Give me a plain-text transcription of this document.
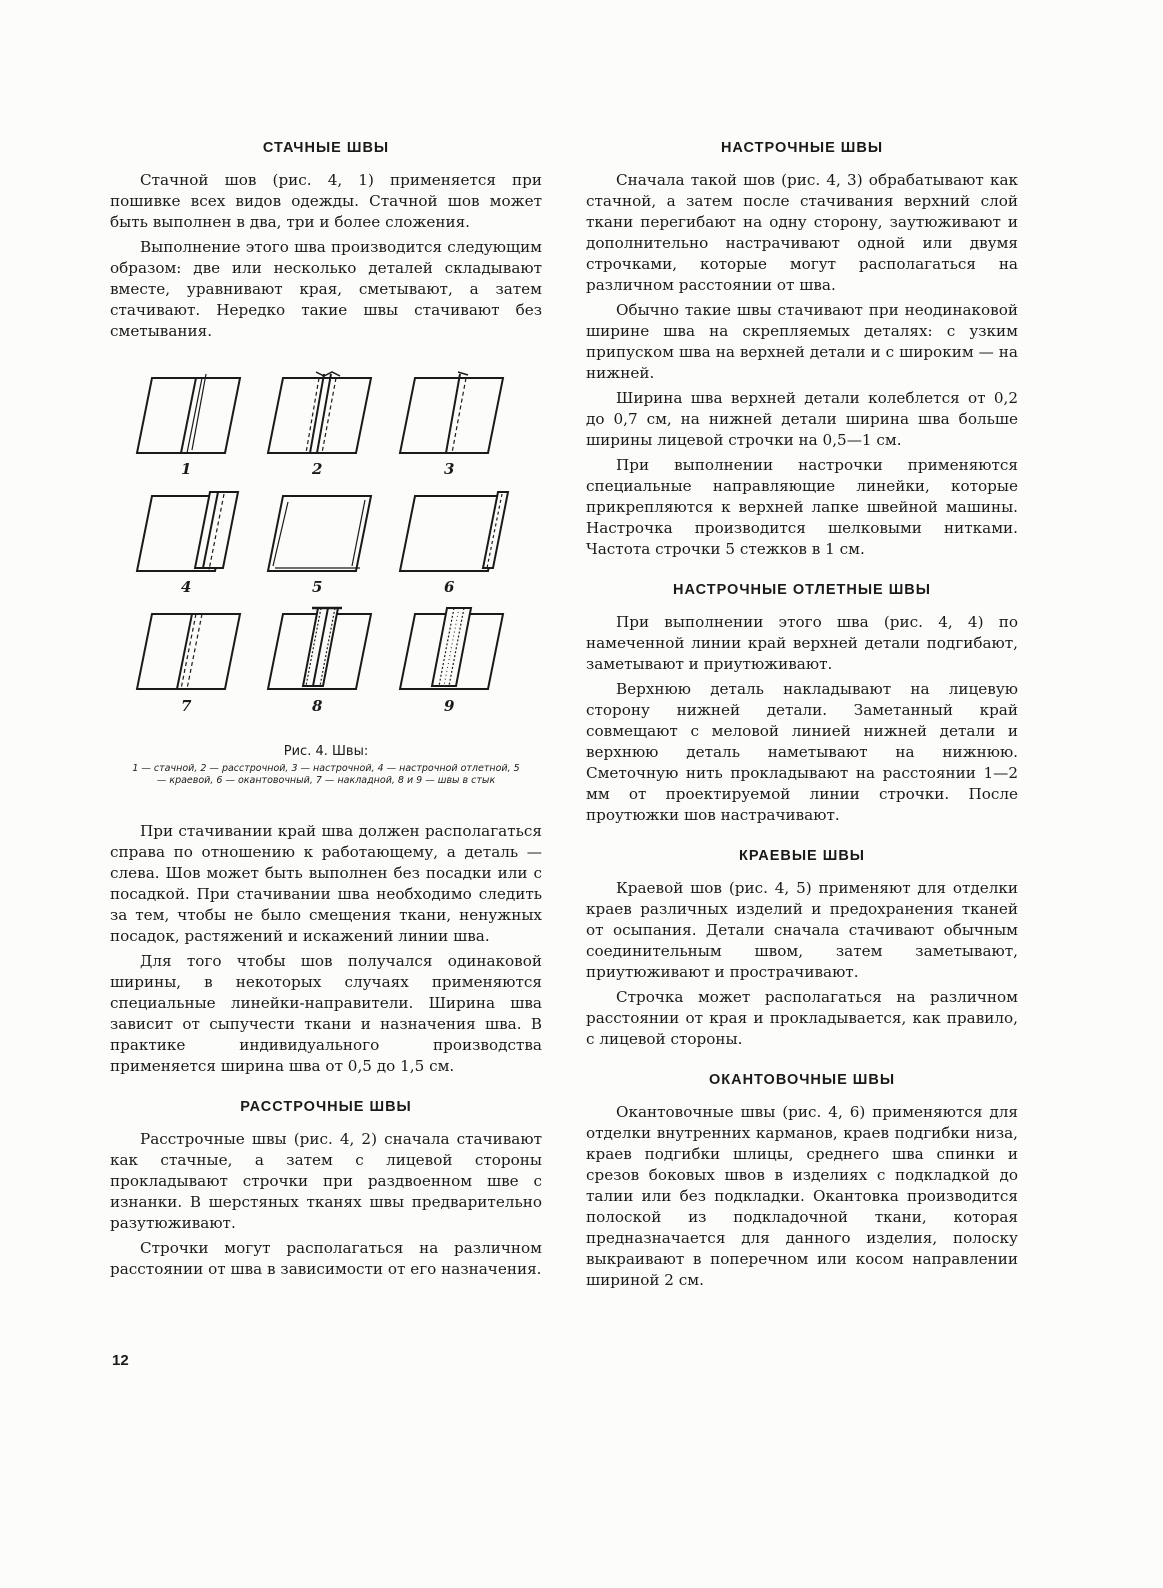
СТАЧНЫЕ ШВЫ

Стачной шов (рис. 4, 1) применяется при пошивке всех видов одежды. Стачной шов может быть выполнен в два, три и более сложения.

Выполнение этого шва производится следующим образом: две или несколько деталей складывают вместе, уравнивают края, сметывают, а затем стачивают. Нередко такие швы стачивают без сметывания.

1	2	3
4	5	6
7	8	9
Рис. 4. Швы:
1 — стачной, 2 — расстрочной, 3 — настрочной, 4 — настрочной отлетной, 5 — краевой, 6 — окантовочный, 7 — накладной, 8 и 9 — швы в стык

При стачивании край шва должен располагаться справа по отношению к работающему, а деталь — слева. Шов может быть выполнен без посадки или с посадкой. При стачивании шва необходимо следить за тем, чтобы не было смещения ткани, ненужных посадок, растяжений и искажений линии шва.

Для того чтобы шов получался одинаковой ширины, в некоторых случаях применяются специальные линейки-направители. Ширина шва зависит от сыпучести ткани и назначения шва. В практике индивидуального производства применяется ширина шва от 0,5 до 1,5 см.

РАССТРОЧНЫЕ ШВЫ

Расстрочные швы (рис. 4, 2) сначала стачивают как стачные, а затем с лицевой стороны прокладывают строчки при раздвоенном шве с изнанки. В шерстяных тканях швы предварительно разутюживают.

Строчки могут располагаться на различном расстоянии от шва в зависимости от его назначения.

НАСТРОЧНЫЕ ШВЫ

Сначала такой шов (рис. 4, 3) обрабатывают как стачной, а затем после стачивания верхний слой ткани перегибают на одну сторону, заутюживают и дополнительно настрачивают одной или двумя строчками, которые могут располагаться на различном расстоянии от шва.

Обычно такие швы стачивают при неодинаковой ширине шва на скрепляемых деталях: с узким припуском шва на верхней детали и с широким — на нижней.

Ширина шва верхней детали колеблется от 0,2 до 0,7 см, на нижней детали ширина шва больше ширины лицевой строчки на 0,5—1 см.

При выполнении настрочки применяются специальные направляющие линейки, которые прикрепляются к верхней лапке швейной машины. Настрочка производится шелковыми нитками. Частота строчки 5 стежков в 1 см.

НАСТРОЧНЫЕ ОТЛЕТНЫЕ ШВЫ

При выполнении этого шва (рис. 4, 4) по намеченной линии край верхней детали подгибают, заметывают и приутюживают.

Верхнюю деталь накладывают на лицевую сторону нижней детали. Заметанный край совмещают с меловой линией нижней детали и верхнюю деталь наметывают на нижнюю. Сметочную нить прокладывают на расстоянии 1—2 мм от проектируемой линии строчки. После проутюжки шов настрачивают.

КРАЕВЫЕ ШВЫ

Краевой шов (рис. 4, 5) применяют для отделки краев различных изделий и предохранения тканей от осыпания. Детали сначала стачивают обычным соединительным швом, затем заметывают, приутюживают и прострачивают.

Строчка может располагаться на различном расстоянии от края и прокладывается, как правило, с лицевой стороны.

ОКАНТОВОЧНЫЕ ШВЫ

Окантовочные швы (рис. 4, 6) применяются для отделки внутренних карманов, краев подгибки низа, краев подгибки шлицы, среднего шва спинки и срезов боковых швов в изделиях с подкладкой до талии или без подкладки. Окантовка производится полоской из подкладочной ткани, которая предназначается для данного изделия, полоску выкраивают в поперечном или косом направлении шириной 2 см.

12
